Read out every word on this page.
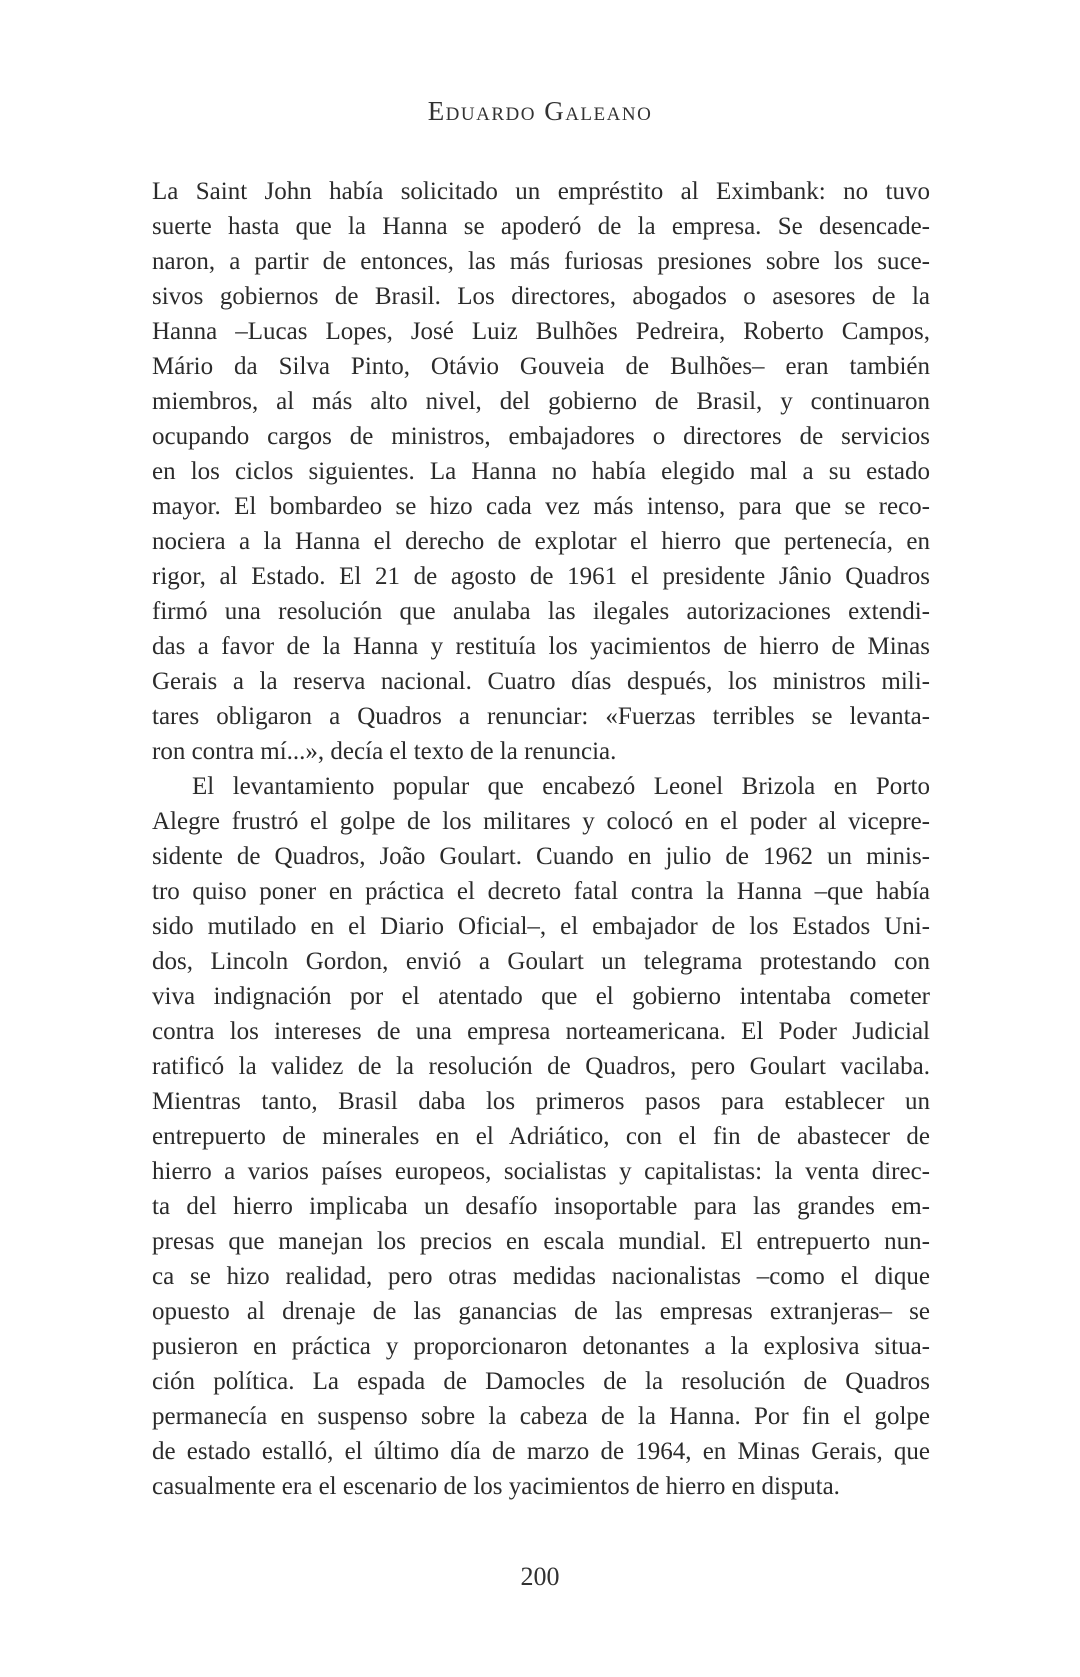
Eduardo Galeano
La Saint John había solicitado un empréstito al Eximbank: no tuvo
suerte hasta que la Hanna se apoderó de la empresa. Se desencade-
naron, a partir de entonces, las más furiosas presiones sobre los suce-
sivos gobiernos de Brasil. Los directores, abogados o asesores de la
Hanna –Lucas Lopes, José Luiz Bulhões Pedreira, Roberto Campos,
Mário da Silva Pinto, Otávio Gouveia de Bulhões– eran también
miembros, al más alto nivel, del gobierno de Brasil, y continuaron
ocupando cargos de ministros, embajadores o directores de servicios
en los ciclos siguientes. La Hanna no había elegido mal a su estado
mayor. El bombardeo se hizo cada vez más intenso, para que se reco-
nociera a la Hanna el derecho de explotar el hierro que pertenecía, en
rigor, al Estado. El 21 de agosto de 1961 el presidente Jânio Quadros
firmó una resolución que anulaba las ilegales autorizaciones extendi-
das a favor de la Hanna y restituía los yacimientos de hierro de Minas
Gerais a la reserva nacional. Cuatro días después, los ministros mili-
tares obligaron a Quadros a renunciar: «Fuerzas terribles se levanta-
ron contra mí...», decía el texto de la renuncia.
El levantamiento popular que encabezó Leonel Brizola en Porto
Alegre frustró el golpe de los militares y colocó en el poder al vicepre-
sidente de Quadros, João Goulart. Cuando en julio de 1962 un minis-
tro quiso poner en práctica el decreto fatal contra la Hanna –que había
sido mutilado en el Diario Oficial–, el embajador de los Estados Uni-
dos, Lincoln Gordon, envió a Goulart un telegrama protestando con
viva indignación por el atentado que el gobierno intentaba cometer
contra los intereses de una empresa norteamericana. El Poder Judicial
ratificó la validez de la resolución de Quadros, pero Goulart vacilaba.
Mientras tanto, Brasil daba los primeros pasos para establecer un
entrepuerto de minerales en el Adriático, con el fin de abastecer de
hierro a varios países europeos, socialistas y capitalistas: la venta direc-
ta del hierro implicaba un desafío insoportable para las grandes em-
presas que manejan los precios en escala mundial. El entrepuerto nun-
ca se hizo realidad, pero otras medidas nacionalistas –como el dique
opuesto al drenaje de las ganancias de las empresas extranjeras– se
pusieron en práctica y proporcionaron detonantes a la explosiva situa-
ción política. La espada de Damocles de la resolución de Quadros
permanecía en suspenso sobre la cabeza de la Hanna. Por fin el golpe
de estado estalló, el último día de marzo de 1964, en Minas Gerais, que
casualmente era el escenario de los yacimientos de hierro en disputa.
200
